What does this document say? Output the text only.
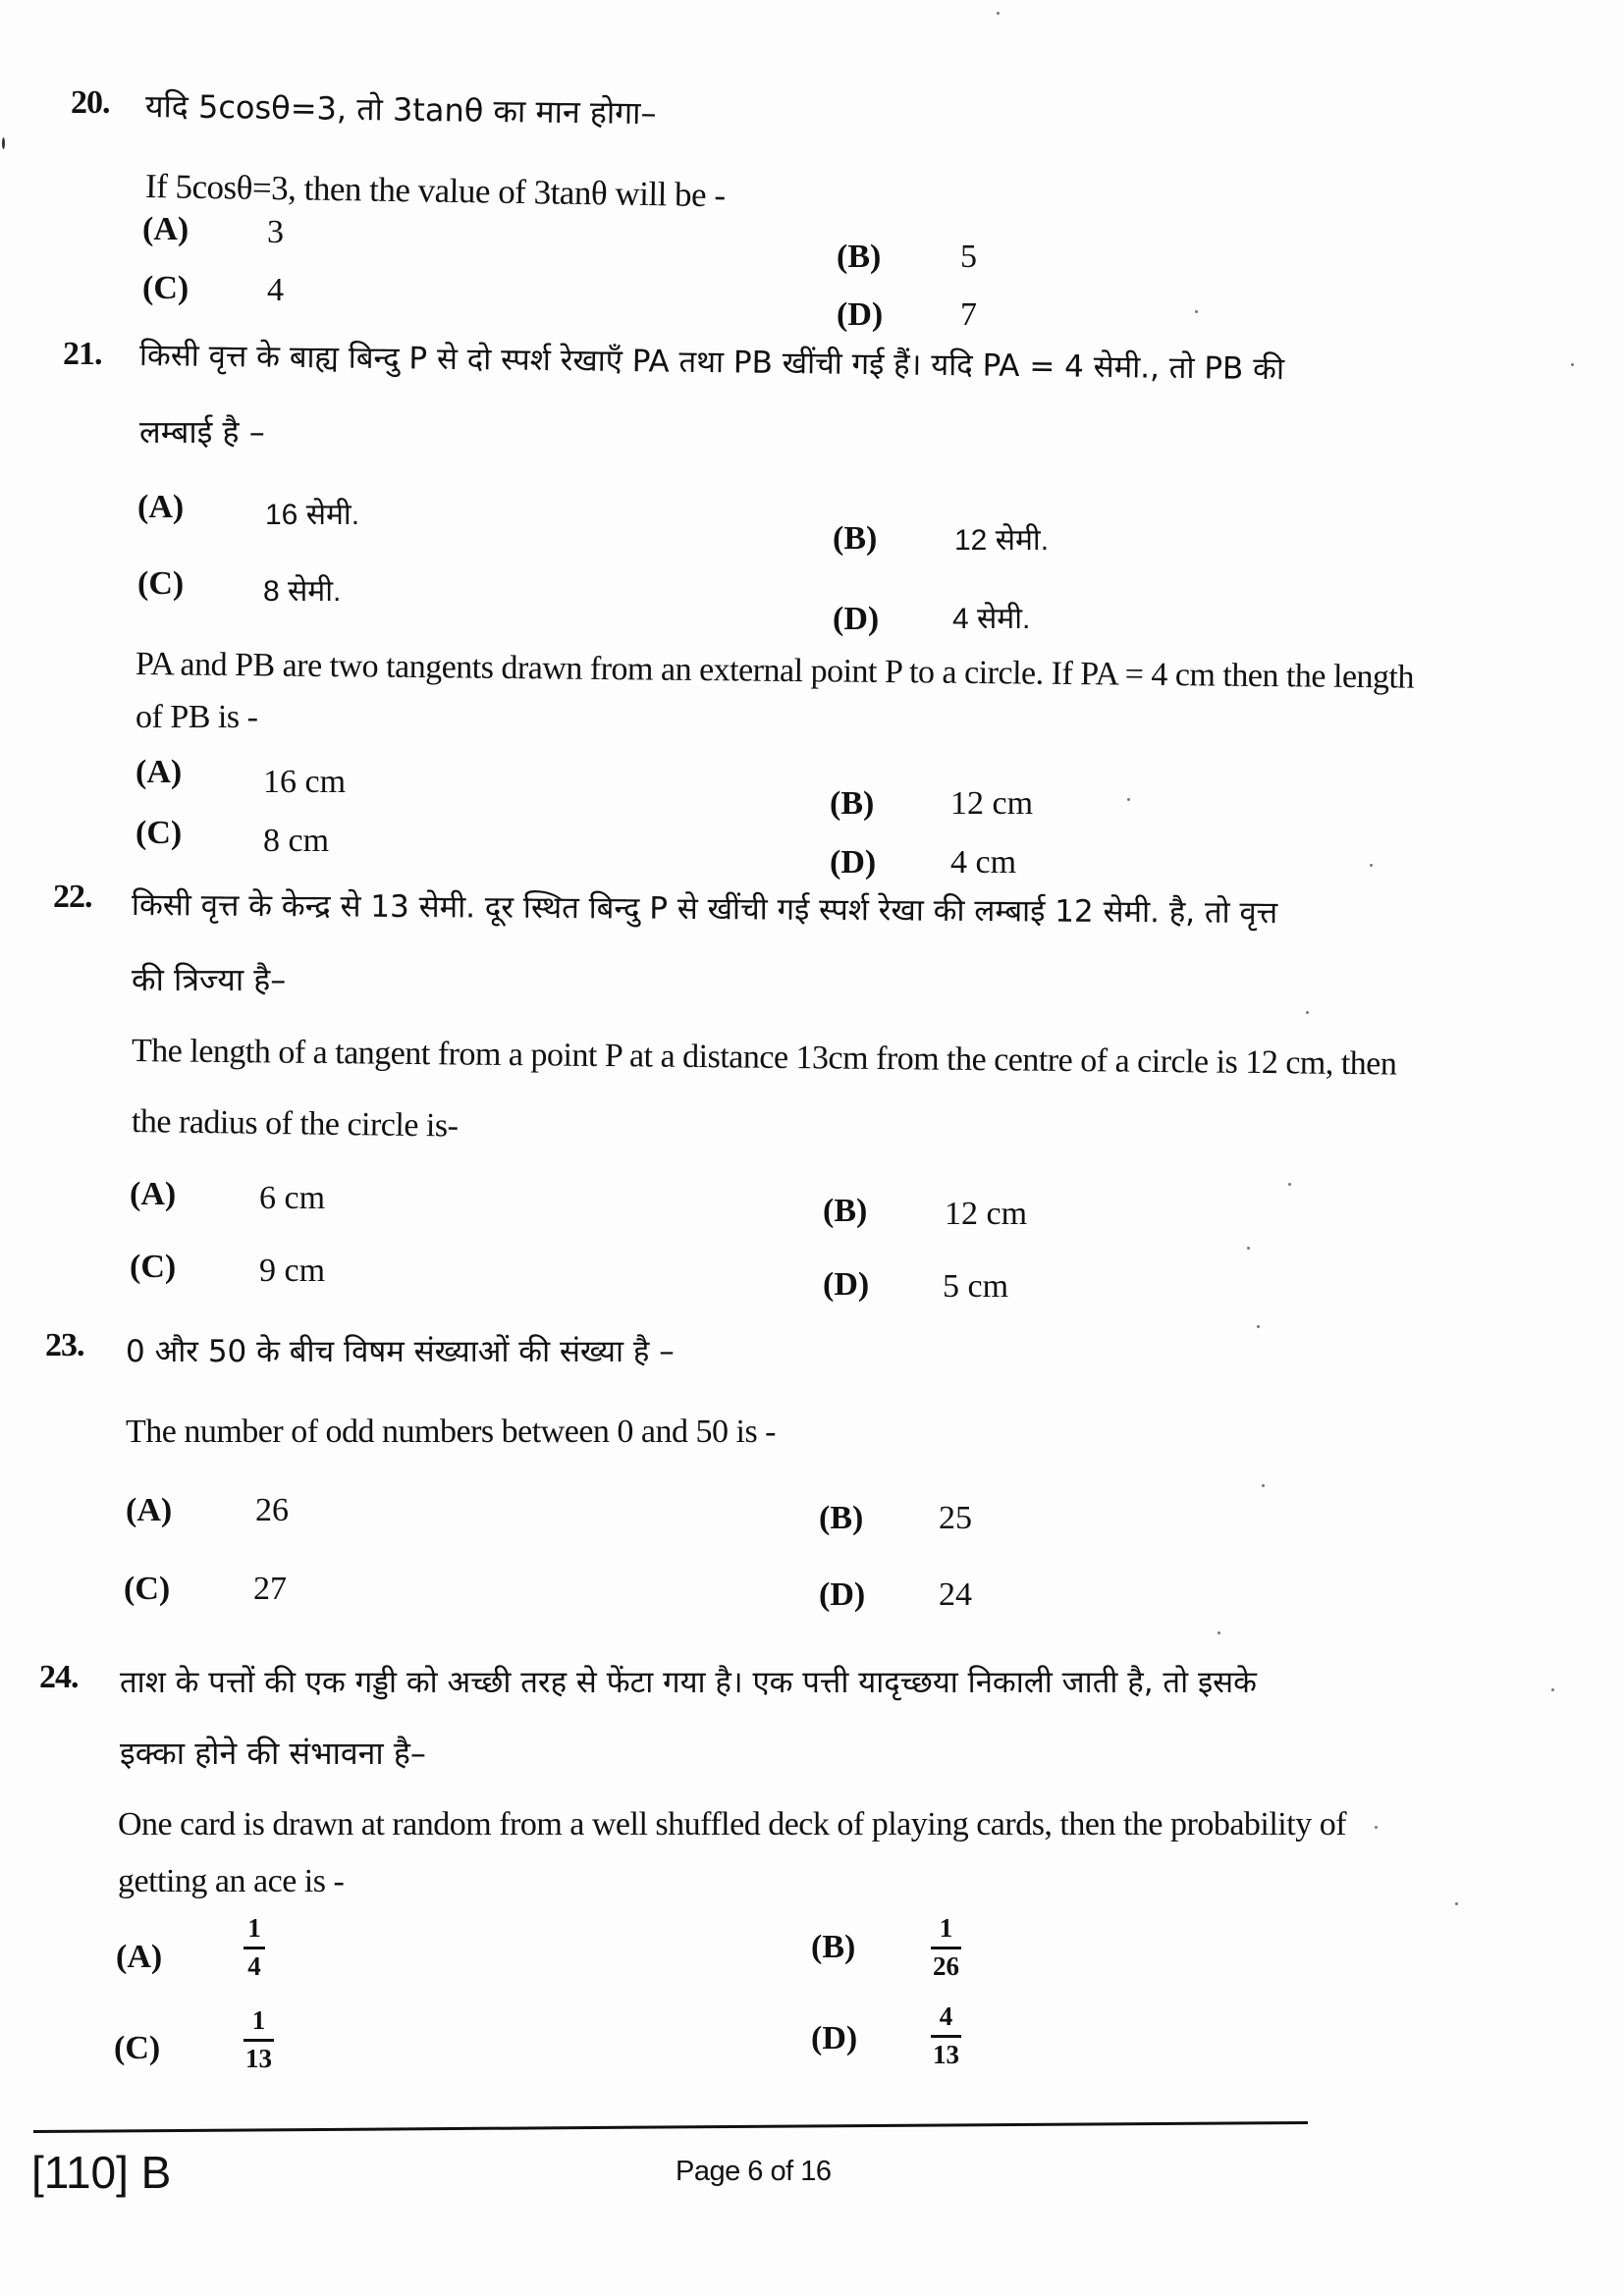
20. यदि 5cosθ=3, तो 3tanθ का मान होगा–
If 5cosθ=3, then the value of 3tanθ will be -
(A) 3
(B) 5
(C) 4
(D) 7
21. किसी वृत्त के बाह्य बिन्दु P से दो स्पर्श रेखाएँ PA तथा PB खींची गई हैं। यदि PA = 4 सेमी., तो PB की
लम्बाई है –
(A)	16 सेमी.
(B)	12 सेमी.
(C)	8 सेमी.
(D) 4 सेमी.
PA and PB are two tangents drawn from an external point P to a circle. If PA = 4 cm then the length
of PB is -
(A) 16 cm
(B) 12 cm
(C) 8 cm
(D) 4 cm
22. किसी वृत्त के केन्द्र से 13 सेमी. दूर स्थित बिन्दु P से खींची गई स्पर्श रेखा की लम्बाई 12 सेमी. है, तो वृत्त
की त्रिज्या है–
The length of a tangent from a point P at a distance 13cm from the centre of a circle is 12 cm, then
the radius of the circle is-
(A) 6 cm	(B) 12 cm
(C) 9 cm	(D) 5 cm
23. 0 और 50 के बीच विषम संख्याओं की संख्या है –
The number of odd numbers between 0 and 50 is -
(A) 26	(B) 25
(C) 27	(D) 24
24. ताश के पत्तों की एक गड्डी को अच्छी तरह से फेंटा गया है। एक पत्ती यादृच्छया निकाली जाती है, तो इसके
इक्का होने की संभावना है–
One card is drawn at random from a well shuffled deck of playing cards, then the probability of
getting an ace is -
(A)
1
4
(B)
1
26
(C)
1
13
(D)
4
13
[110] B	Page 6 of 16
